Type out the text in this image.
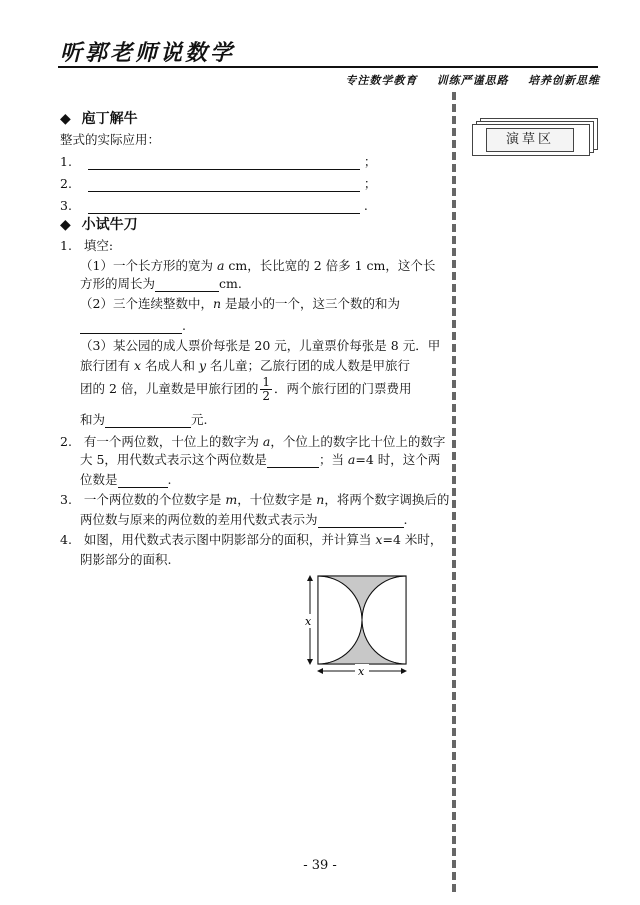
听郭老师说数学
专注数学教育    训练严谨思路    培养创新思维
演草区
◆ 庖丁解牛
整式的实际应用：
1.	；
2.	；
3.	.
◆ 小试牛刀
1. 填空:
（1）一个长方形的宽为 a cm，长比宽的 2 倍多 1 cm，这个长
方形的周长为	cm.
（2）三个连续整数中，n 是最小的一个，这三个数的和为
.
（3）某公园的成人票价每张是 20 元，儿童票价每张是 8 元．甲
旅行团有 x 名成人和 y 名儿童；乙旅行团的成人数是甲旅行
团的 2 倍，儿童数是甲旅行团的 $\frac{1}{2}$ ．两个旅行团的门票费用
和为	元.
2. 有一个两位数，十位上的数字为 a，个位上的数字比十位上的数字
大 5，用代数式表示这个两位数是	；当 a=4 时，这个两
位数是	.
3. 一个两位数的个位数字是 m，十位数字是 n，将两个数字调换后的
两位数与原来的两位数的差用代数式表示为	.
4. 如图，用代数式表示图中阴影部分的面积，并计算当 x=4 米时，
阴影部分的面积.
x
x
- 39 -
